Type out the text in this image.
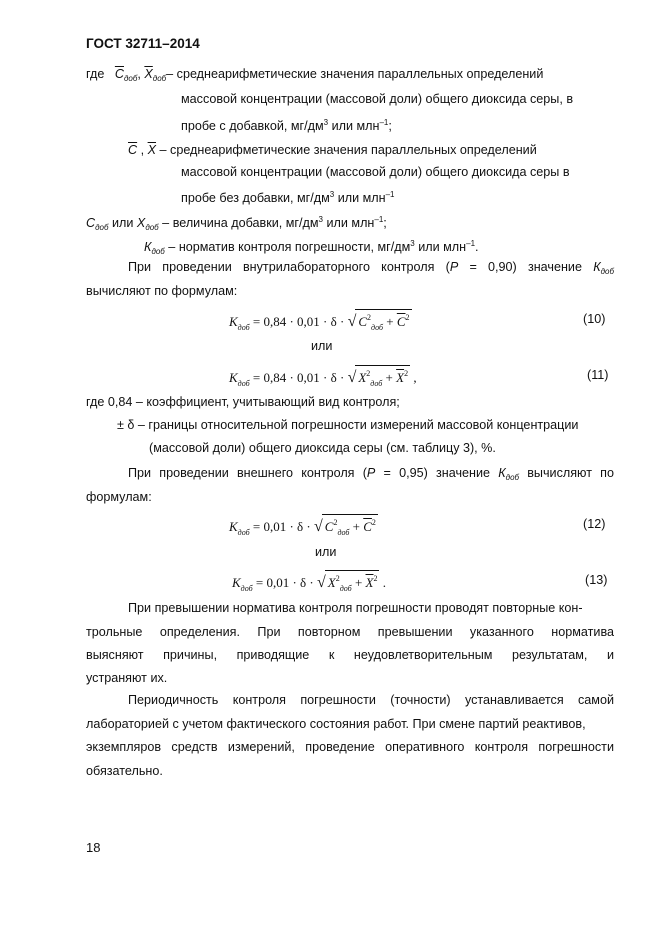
ГОСТ 32711–2014
где $С_{доб}$, $\overline{X}_{доб}-$ среднеарифметические значения параллельных определений
массовой концентрации (массовой доли) общего диоксида серы, в
пробе с добавкой, $мг/дм^3$ или млн$^{-1}$;
С , $\overline{X}$ – среднеарифметические значения параллельных определений
массовой концентрации (массовой доли) общего диоксида серы в
пробе без добавки, $мг/дм^3$ или млн$^{-1}$
$С_{доб}$ или $X_{доб}$ – величина добавки, $мг/дм^3$ или млн$^{-1}$;
$К_{доб}$ – норматив контроля погрешности, $мг/дм^3$ или млн$^{-1}$.
При проведении внутрилабораторного контроля (Р = 0,90) значение $К_{доб}$
вычисляют по формулам:
$К_{доб} = 0,84 \cdot 0,01 \cdot \delta$ · √ $С^2_{доб} + С^2$	(10)
или
$К_{доб} = 0,84 \cdot 0,01 \cdot \delta$ · √ $X^2_{доб} + \overline{X}^2$ ,	(11)
где 0,84 – коэффициент, учитывающий вид контроля;
± δ – границы относительной погрешности измерений массовой концентрации
(массовой доли) общего диоксида серы (см. таблицу 3), %.
При проведении внешнего контроля (Р = 0,95) значение $К_{доб}$ вычисляют по
формулам:
$К_{доб} = 0,01 \cdot \delta$ · √ $С^2_{доб} + С^2$	(12)
или
$К_{доб} = 0,01 \cdot \delta$ · √ $X^2_{доб} + \overline{X}^2$ .	(13)
При превышении норматива контроля погрешности проводят повторные кон-
трольные определения. При повторном превышении указанного норматива
выясняют причины, приводящие к неудовлетворительным результатам, и
устраняют их.
Периодичность контроля погрешности (точности) устанавливается самой
лабораторией с учетом фактического состояния работ. При смене партий реактивов,
экземпляров средств измерений, проведение оперативного контроля погрешности
обязательно.
18
